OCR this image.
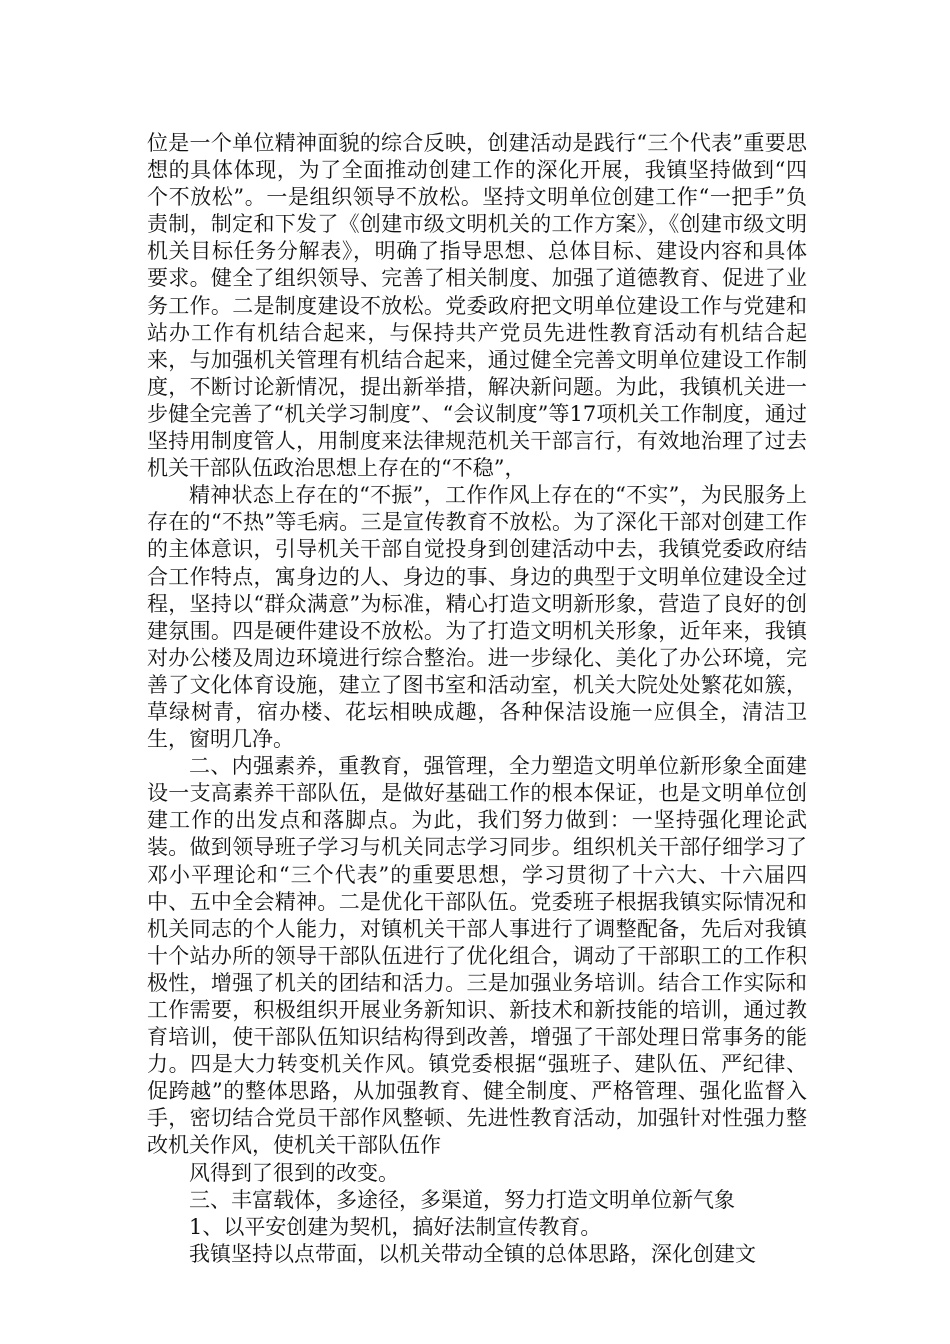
位是一个单位精神面貌的综合反映，创建活动是践行“三个代表”重要思想的具体体现，为了全面推动创建工作的深化开展，我镇坚持做到“四个不放松”。一是组织领导不放松。坚持文明单位创建工作“一把手”负责制，制定和下发了《创建市级文明机关的工作方案》，《创建市级文明机关目标任务分解表》，明确了指导思想、总体目标、建设内容和具体要求。健全了组织领导、完善了相关制度、加强了道德教育、促进了业务工作。二是制度建设不放松。党委政府把文明单位建设工作与党建和站办工作有机结合起来，与保持共产党员先进性教育活动有机结合起来，与加强机关管理有机结合起来，通过健全完善文明单位建设工作制度，不断讨论新情况，提出新举措，解决新问题。为此，我镇机关进一步健全完善了“机关学习制度”、“会议制度”等17项机关工作制度，通过坚持用制度管人，用制度来法律规范机关干部言行，有效地治理了过去机关干部队伍政治思想上存在的“不稳”，

精神状态上存在的“不振”，工作作风上存在的“不实”，为民服务上存在的“不热”等毛病。三是宣传教育不放松。为了深化干部对创建工作的主体意识，引导机关干部自觉投身到创建活动中去，我镇党委政府结合工作特点，寓身边的人、身边的事、身边的典型于文明单位建设全过程，坚持以“群众满意”为标准，精心打造文明新形象，营造了良好的创建氛围。四是硬件建设不放松。为了打造文明机关形象，近年来，我镇对办公楼及周边环境进行综合整治。进一步绿化、美化了办公环境，完善了文化体育设施，建立了图书室和活动室，机关大院处处繁花如簇，草绿树青，宿办楼、花坛相映成趣，各种保洁设施一应俱全，清洁卫生，窗明几净。

二、内强素养，重教育，强管理，全力塑造文明单位新形象全面建设一支高素养干部队伍，是做好基础工作的根本保证，也是文明单位创建工作的出发点和落脚点。为此，我们努力做到：一坚持强化理论武装。做到领导班子学习与机关同志学习同步。组织机关干部仔细学习了邓小平理论和“三个代表”的重要思想，学习贯彻了十六大、十六届四中、五中全会精神。二是优化干部队伍。党委班子根据我镇实际情况和机关同志的个人能力，对镇机关干部人事进行了调整配备，先后对我镇十个站办所的领导干部队伍进行了优化组合，调动了干部职工的工作积极性，增强了机关的团结和活力。三是加强业务培训。结合工作实际和工作需要，积极组织开展业务新知识、新技术和新技能的培训，通过教育培训，使干部队伍知识结构得到改善，增强了干部处理日常事务的能力。四是大力转变机关作风。镇党委根据“强班子、建队伍、严纪律、促跨越”的整体思路，从加强教育、健全制度、严格管理、强化监督入手，密切结合党员干部作风整顿、先进性教育活动，加强针对性强力整改机关作风，使机关干部队伍作

风得到了很到的改变。

三、丰富载体，多途径，多渠道，努力打造文明单位新气象

1、以平安创建为契机，搞好法制宣传教育。

我镇坚持以点带面，以机关带动全镇的总体思路，深化创建文
